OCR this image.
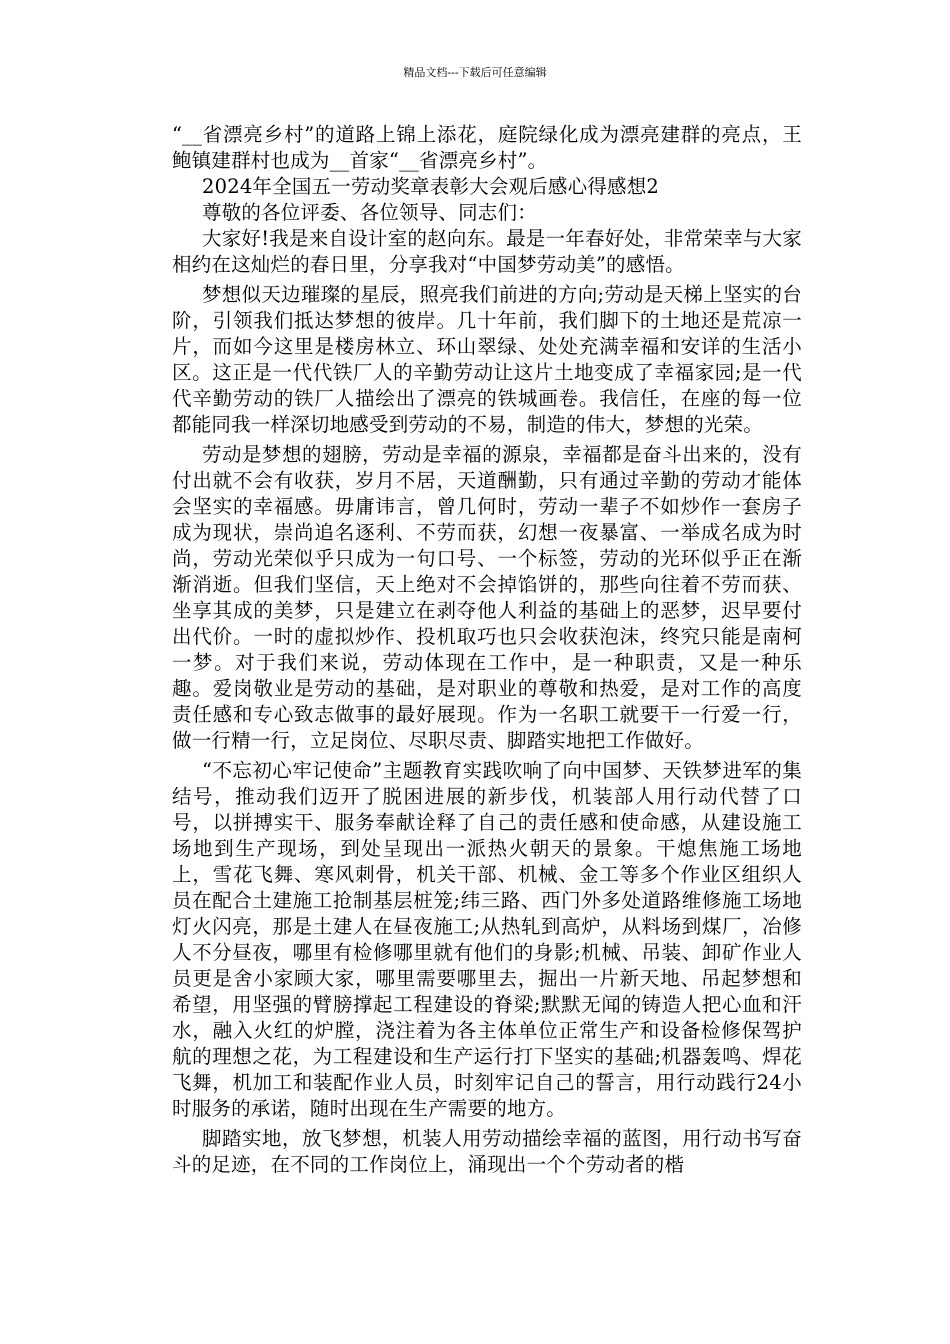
精品文档---下载后可任意编辑

“__省漂亮乡村”的道路上锦上添花，庭院绿化成为漂亮建群的亮点，王鲍镇建群村也成为__首家“__省漂亮乡村”。

2024年全国五一劳动奖章表彰大会观后感心得感想2

尊敬的各位评委、各位领导、同志们：

大家好!我是来自设计室的赵向东。最是一年春好处，非常荣幸与大家相约在这灿烂的春日里，分享我对“中国梦劳动美”的感悟。

梦想似天边璀璨的星辰，照亮我们前进的方向;劳动是天梯上坚实的台阶，引领我们抵达梦想的彼岸。几十年前，我们脚下的土地还是荒凉一片，而如今这里是楼房林立、环山翠绿、处处充满幸福和安详的生活小区。这正是一代代铁厂人的辛勤劳动让这片土地变成了幸福家园;是一代代辛勤劳动的铁厂人描绘出了漂亮的铁城画卷。我信任，在座的每一位都能同我一样深切地感受到劳动的不易，制造的伟大，梦想的光荣。

劳动是梦想的翅膀，劳动是幸福的源泉，幸福都是奋斗出来的，没有付出就不会有收获，岁月不居，天道酬勤，只有通过辛勤的劳动才能体会坚实的幸福感。毋庸讳言，曾几何时，劳动一辈子不如炒作一套房子成为现状，崇尚追名逐利、不劳而获，幻想一夜暴富、一举成名成为时尚，劳动光荣似乎只成为一句口号、一个标签，劳动的光环似乎正在渐渐消逝。但我们坚信，天上绝对不会掉馅饼的，那些向往着不劳而获、坐享其成的美梦，只是建立在剥夺他人利益的基础上的恶梦，迟早要付出代价。一时的虚拟炒作、投机取巧也只会收获泡沫，终究只能是南柯一梦。对于我们来说，劳动体现在工作中，是一种职责，又是一种乐趣。爱岗敬业是劳动的基础，是对职业的尊敬和热爱，是对工作的高度责任感和专心致志做事的最好展现。作为一名职工就要干一行爱一行，做一行精一行，立足岗位、尽职尽责、脚踏实地把工作做好。

“不忘初心牢记使命”主题教育实践吹响了向中国梦、天铁梦进军的集结号，推动我们迈开了脱困进展的新步伐，机装部人用行动代替了口号，以拼搏实干、服务奉献诠释了自己的责任感和使命感，从建设施工场地到生产现场，到处呈现出一派热火朝天的景象。干熄焦施工场地上，雪花飞舞、寒风刺骨，机关干部、机械、金工等多个作业区组织人员在配合土建施工抢制基层桩笼;纬三路、西门外多处道路维修施工场地灯火闪亮，那是土建人在昼夜施工;从热轧到高炉，从料场到煤厂，冶修人不分昼夜，哪里有检修哪里就有他们的身影;机械、吊装、卸矿作业人员更是舍小家顾大家，哪里需要哪里去，掘出一片新天地、吊起梦想和希望，用坚强的臂膀撑起工程建设的脊梁;默默无闻的铸造人把心血和汗水，融入火红的炉膛，浇注着为各主体单位正常生产和设备检修保驾护航的理想之花，为工程建设和生产运行打下坚实的基础;机器轰鸣、焊花飞舞，机加工和装配作业人员，时刻牢记自己的誓言，用行动践行24小时服务的承诺，随时出现在生产需要的地方。

脚踏实地，放飞梦想，机装人用劳动描绘幸福的蓝图，用行动书写奋斗的足迹，在不同的工作岗位上，涌现出一个个劳动者的楷
